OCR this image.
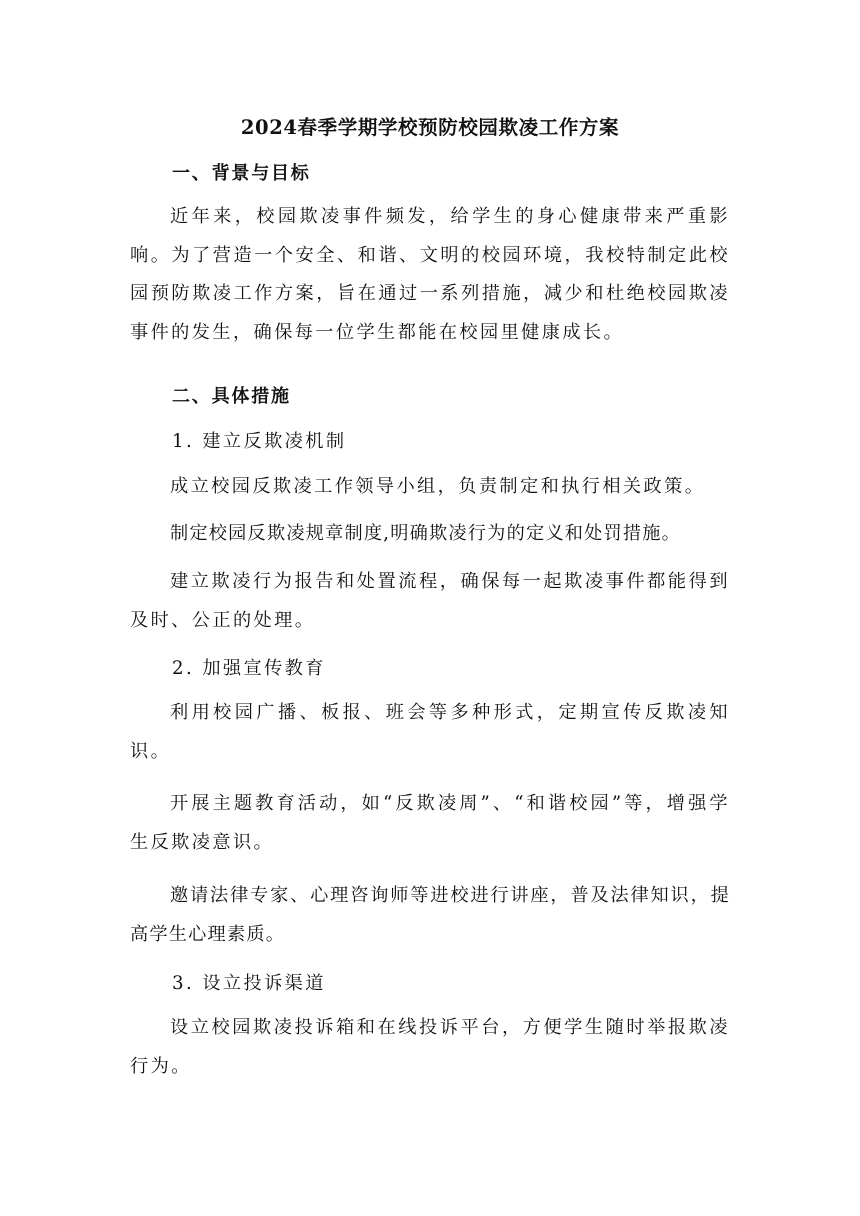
2024春季学期学校预防校园欺凌工作方案
一、背景与目标

近年来，校园欺凌事件频发，给学生的身心健康带来严重影响。为了营造一个安全、和谐、文明的校园环境，我校特制定此校园预防欺凌工作方案，旨在通过一系列措施，减少和杜绝校园欺凌事件的发生，确保每一位学生都能在校园里健康成长。

二、具体措施
1. 建立反欺凌机制

成立校园反欺凌工作领导小组，负责制定和执行相关政策。

制定校园反欺凌规章制度,明确欺凌行为的定义和处罚措施。

建立欺凌行为报告和处置流程，确保每一起欺凌事件都能得到及时、公正的处理。

2. 加强宣传教育

利用校园广播、板报、班会等多种形式，定期宣传反欺凌知识。

开展主题教育活动，如“反欺凌周”、“和谐校园”等，增强学生反欺凌意识。

邀请法律专家、心理咨询师等进校进行讲座，普及法律知识，提高学生心理素质。

3. 设立投诉渠道

设立校园欺凌投诉箱和在线投诉平台，方便学生随时举报欺凌行为。
